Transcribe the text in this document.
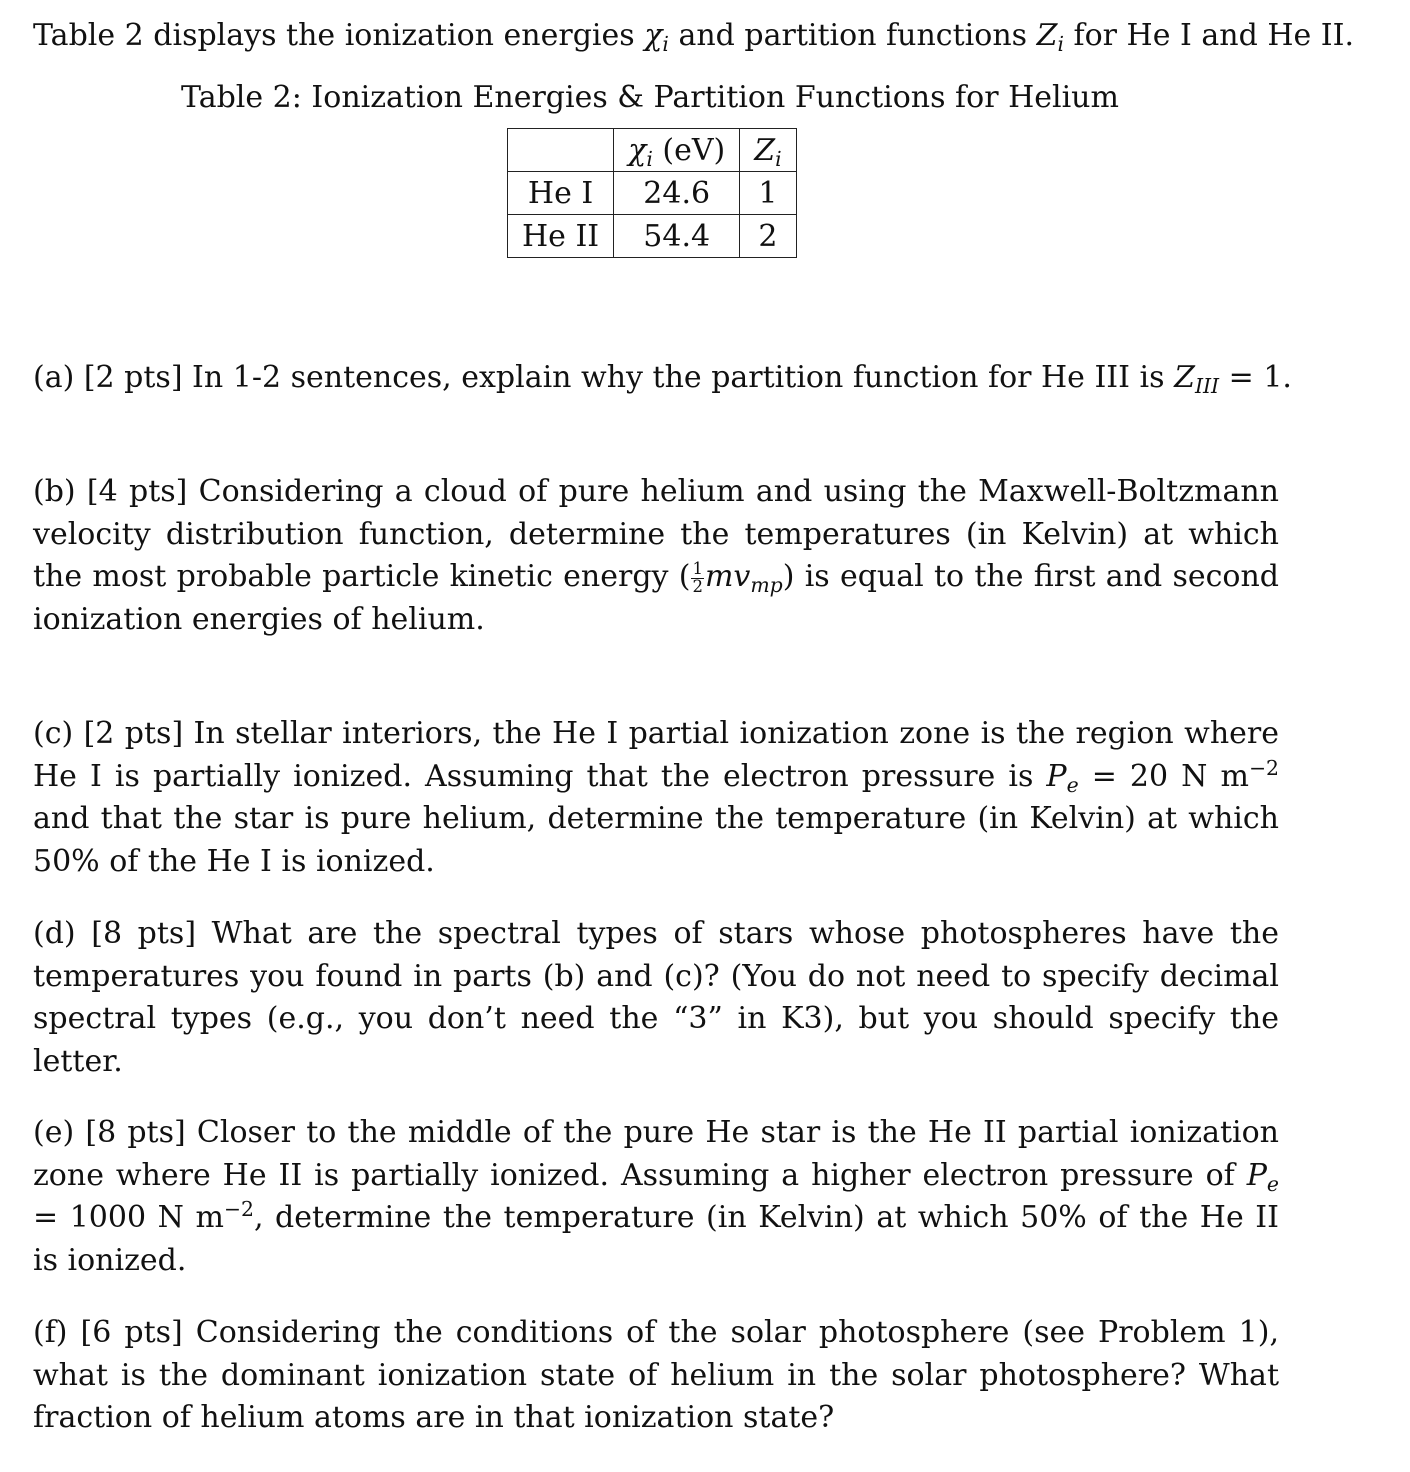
Table 2 displays the ionization energies $\chi_i$ and partition functions $Z_i$ for He I and He II.
Table 2: Ionization Energies & Partition Functions for Helium
	$\chi_i$ (eV)	$Z_i$
He I	24.6	1
He II	54.4	2
(a) [2 pts] In 1-2 sentences, explain why the partition function for He III is $Z_{III} = 1$.
(b) [4 pts] Considering a cloud of pure helium and using the Maxwell-Boltzmann velocity distribution function, determine the temperatures (in Kelvin) at which the most probable particle kinetic energy ( $\frac{1}{2} mv_{mp}$) is equal to the first and second ionization energies of helium.
(c) [2 pts] In stellar interiors, the He I partial ionization zone is the region where He I is partially ionized. Assuming that the electron pressure is $P_e = 20$ N $m^{-2}$ and that the star is pure helium, determine the temperature (in Kelvin) at which 50% of the He I is ionized.
(d) [8 pts] What are the spectral types of stars whose photospheres have the temperatures you found in parts (b) and (c)? (You do not need to specify decimal spectral types (e.g., you don’t need the “3” in K3), but you should specify the letter.
(e) [8 pts] Closer to the middle of the pure He star is the He II partial ionization zone where He II is partially ionized. Assuming a higher electron pressure of $P_e = 1000$ N $m^{-2}$, determine the temperature (in Kelvin) at which 50% of the He II is ionized.
(f) [6 pts] Considering the conditions of the solar photosphere (see Problem 1), what is the dominant ionization state of helium in the solar photosphere? What fraction of helium atoms are in that ionization state?
